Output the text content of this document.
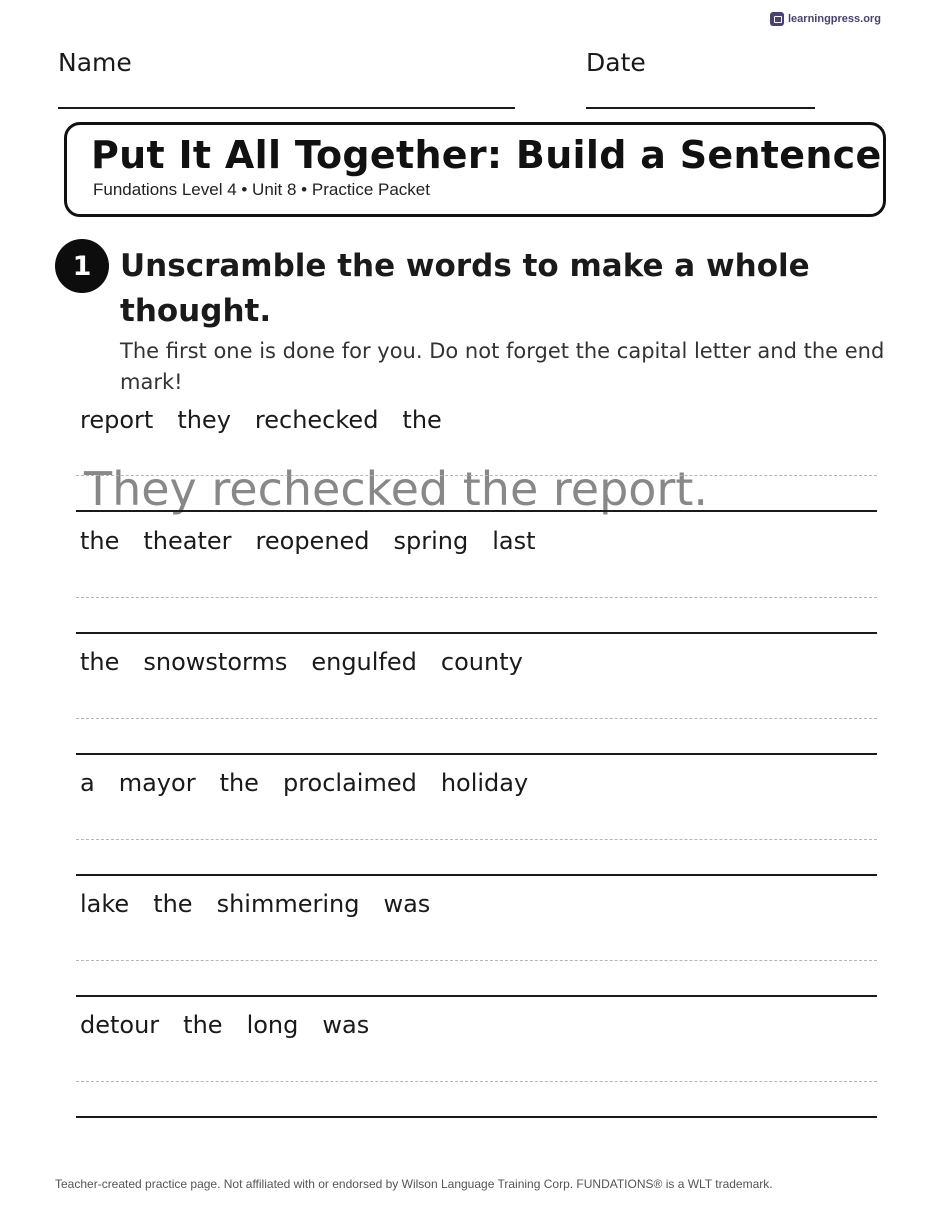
learningpress.org
Name	Date
Put It All Together: Build a Sentence
Fundations Level 4 • Unit 8 • Practice Packet
1 Unscramble the words to make a whole thought.
The first one is done for you. Do not forget the capital letter and the end mark!
report they rechecked the
They rechecked the report.
the theater reopened spring last
the snowstorms engulfed county
a mayor the proclaimed holiday
lake the shimmering was
detour the long was
Teacher-created practice page. Not affiliated with or endorsed by Wilson Language Training Corp. FUNDATIONS® is a WLT trademark.
